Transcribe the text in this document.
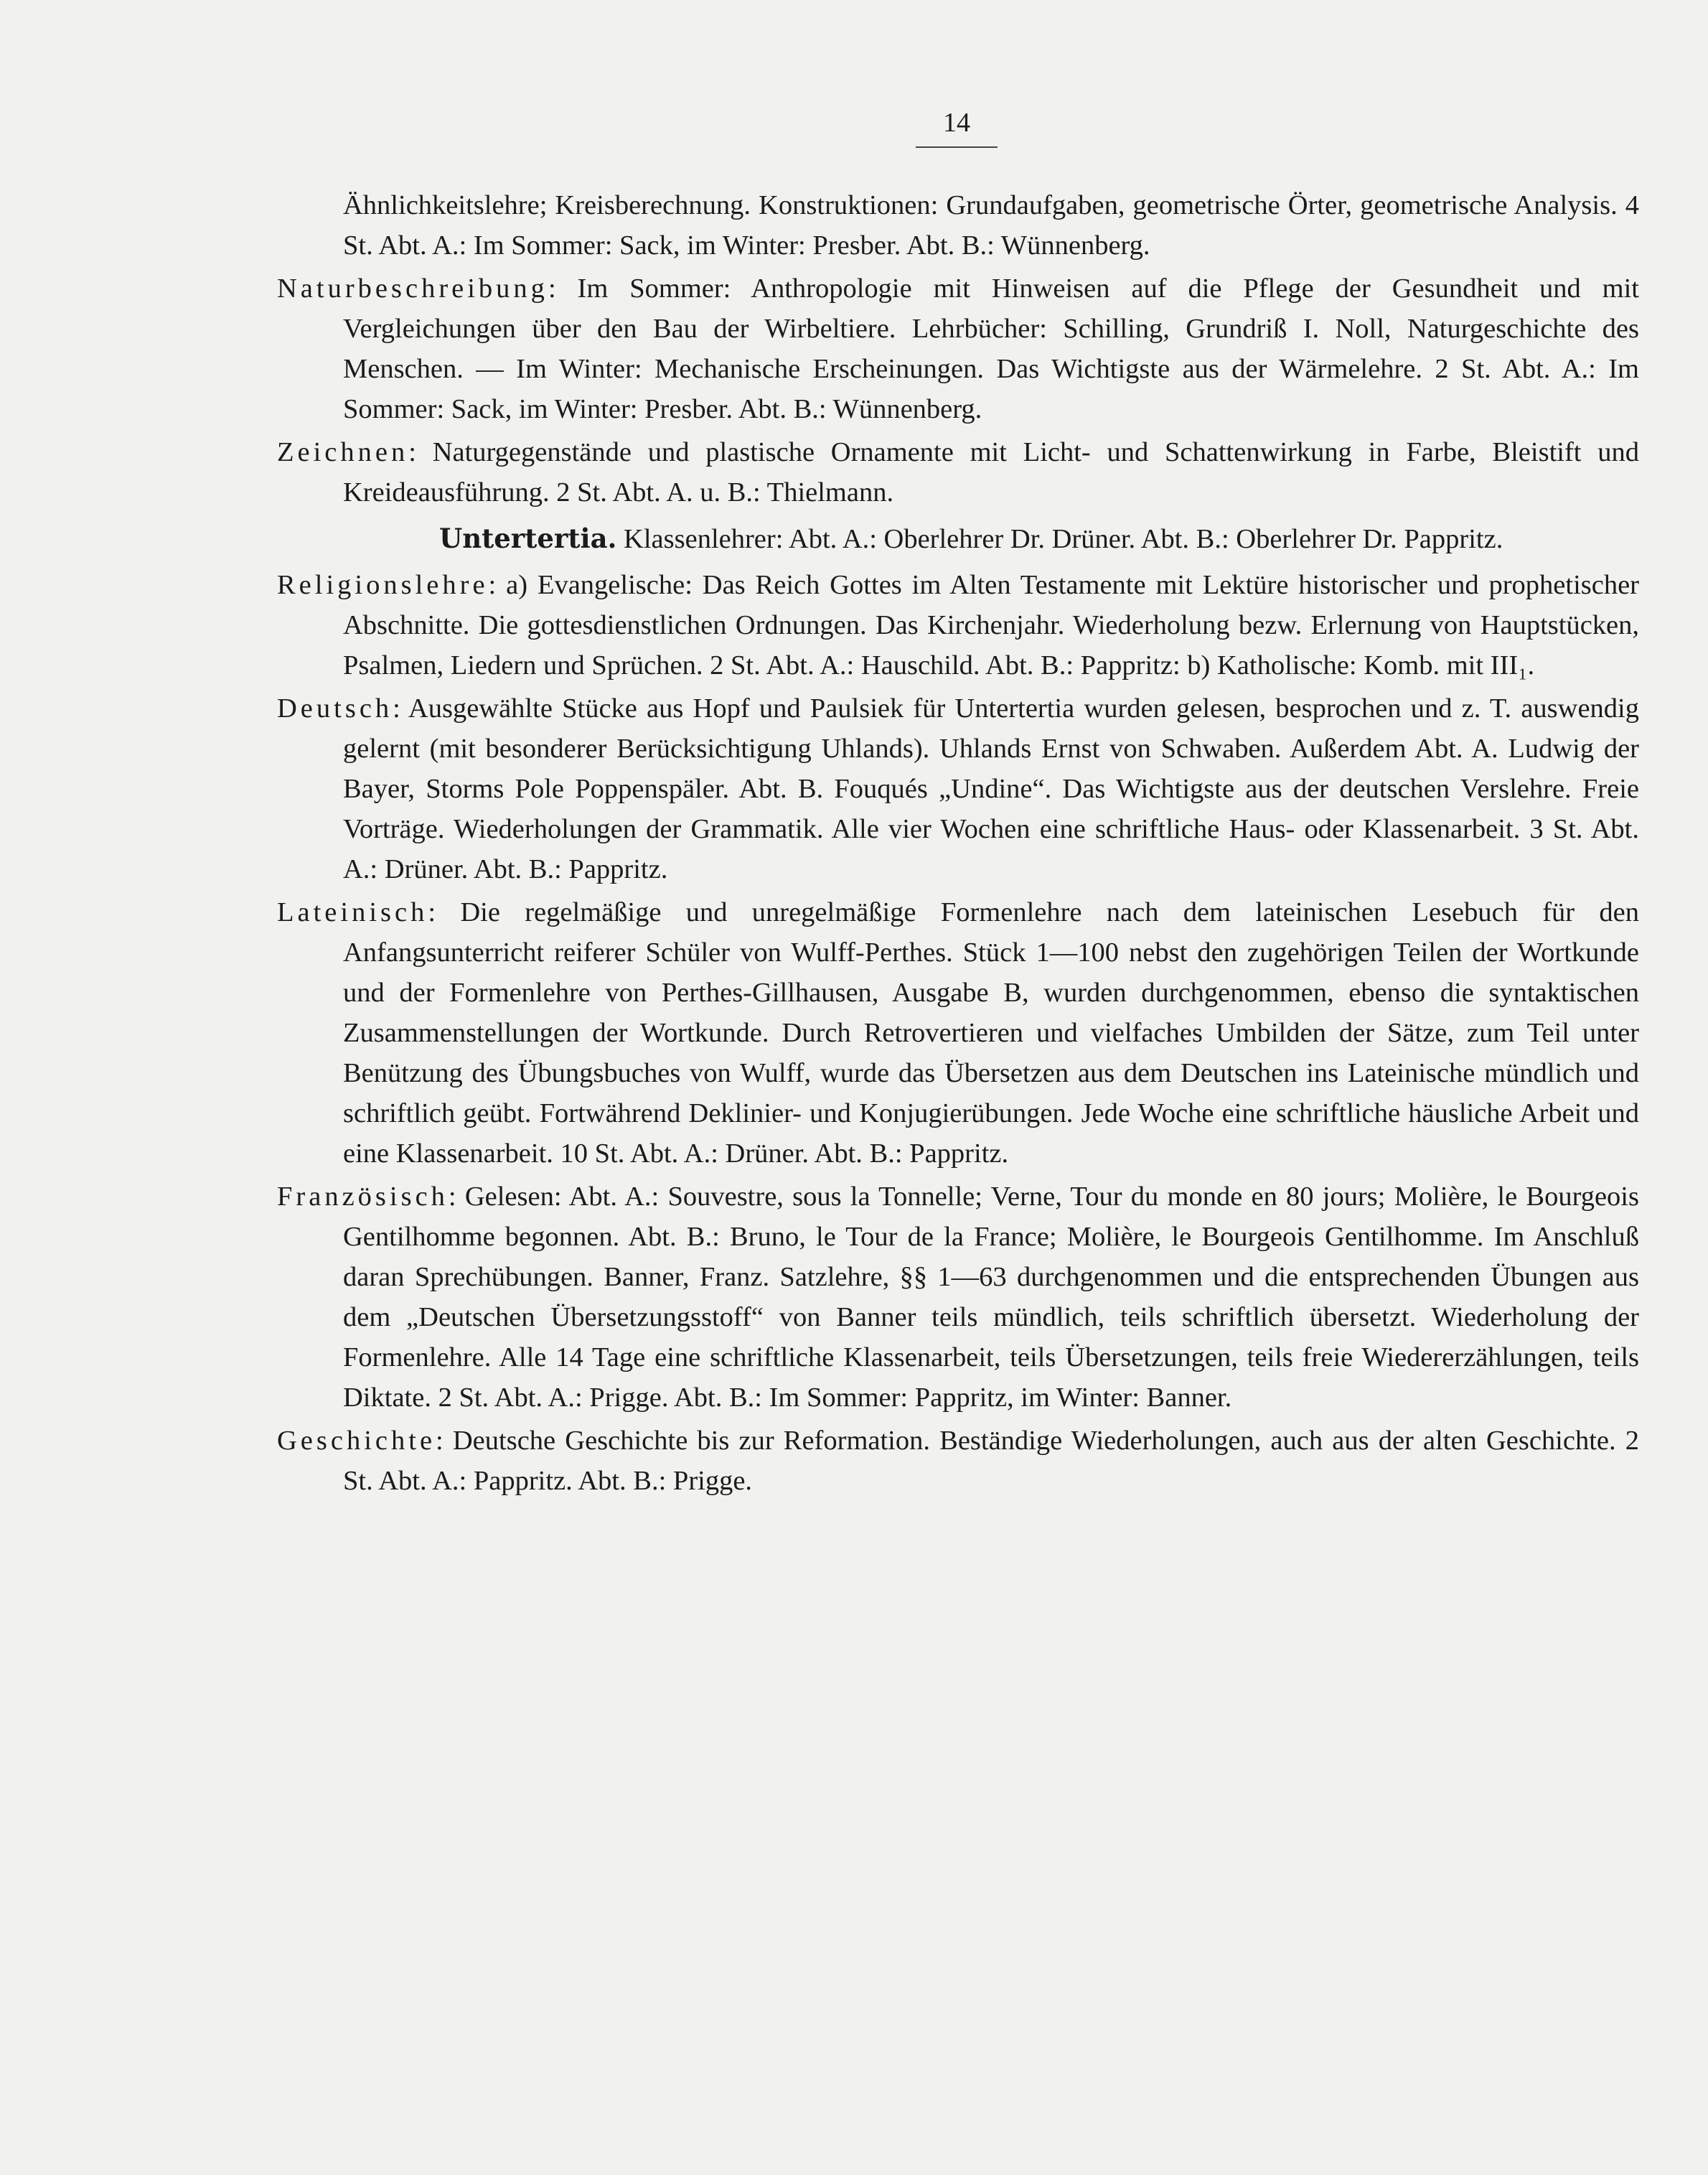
14

Ähnlichkeitslehre; Kreisberechnung. Konstruktionen: Grundaufgaben, geometrische Örter, geometrische Analysis. 4 St. Abt. A.: Im Sommer: Sack, im Winter: Presber. Abt. B.: Wünnenberg.

Naturbeschreibung: Im Sommer: Anthropologie mit Hinweisen auf die Pflege der Gesundheit und mit Vergleichungen über den Bau der Wirbeltiere. Lehrbücher: Schilling, Grundriß I. Noll, Naturgeschichte des Menschen. — Im Winter: Mechanische Erscheinungen. Das Wichtigste aus der Wärmelehre. 2 St. Abt. A.: Im Sommer: Sack, im Winter: Presber. Abt. B.: Wünnenberg.

Zeichnen: Naturgegenstände und plastische Ornamente mit Licht- und Schattenwirkung in Farbe, Bleistift und Kreideausführung. 2 St. Abt. A. u. B.: Thielmann.

Untertertia. Klassenlehrer: Abt. A.: Oberlehrer Dr. Drüner. Abt. B.: Oberlehrer Dr. Pappritz.

Religionslehre: a) Evangelische: Das Reich Gottes im Alten Testamente mit Lektüre historischer und prophetischer Abschnitte. Die gottesdienstlichen Ordnungen. Das Kirchenjahr. Wiederholung bezw. Erlernung von Hauptstücken, Psalmen, Liedern und Sprüchen. 2 St. Abt. A.: Hauschild. Abt. B.: Pappritz: b) Katholische: Komb. mit III₁.

Deutsch: Ausgewählte Stücke aus Hopf und Paulsiek für Untertertia wurden gelesen, besprochen und z. T. auswendig gelernt (mit besonderer Berücksichtigung Uhlands). Uhlands Ernst von Schwaben. Außerdem Abt. A. Ludwig der Bayer, Storms Pole Poppenspäler. Abt. B. Fouqués „Undine“. Das Wichtigste aus der deutschen Verslehre. Freie Vorträge. Wiederholungen der Grammatik. Alle vier Wochen eine schriftliche Haus- oder Klassenarbeit. 3 St. Abt. A.: Drüner. Abt. B.: Pappritz.

Lateinisch: Die regelmäßige und unregelmäßige Formenlehre nach dem lateinischen Lesebuch für den Anfangsunterricht reiferer Schüler von Wulff-Perthes. Stück 1—100 nebst den zugehörigen Teilen der Wortkunde und der Formenlehre von Perthes-Gillhausen, Ausgabe B, wurden durchgenommen, ebenso die syntaktischen Zusammenstellungen der Wortkunde. Durch Retrovertieren und vielfaches Umbilden der Sätze, zum Teil unter Benützung des Übungsbuches von Wulff, wurde das Übersetzen aus dem Deutschen ins Lateinische mündlich und schriftlich geübt. Fortwährend Deklinier- und Konjugierübungen. Jede Woche eine schriftliche häusliche Arbeit und eine Klassenarbeit. 10 St. Abt. A.: Drüner. Abt. B.: Pappritz.

Französisch: Gelesen: Abt. A.: Souvestre, sous la Tonnelle; Verne, Tour du monde en 80 jours; Molière, le Bourgeois Gentilhomme begonnen. Abt. B.: Bruno, le Tour de la France; Molière, le Bourgeois Gentilhomme. Im Anschluß daran Sprechübungen. Banner, Franz. Satzlehre, §§ 1—63 durchgenommen und die entsprechenden Übungen aus dem „Deutschen Übersetzungsstoff“ von Banner teils mündlich, teils schriftlich übersetzt. Wiederholung der Formenlehre. Alle 14 Tage eine schriftliche Klassenarbeit, teils Übersetzungen, teils freie Wiedererzählungen, teils Diktate. 2 St. Abt. A.: Prigge. Abt. B.: Im Sommer: Pappritz, im Winter: Banner.

Geschichte: Deutsche Geschichte bis zur Reformation. Beständige Wiederholungen, auch aus der alten Geschichte. 2 St. Abt. A.: Pappritz. Abt. B.: Prigge.
